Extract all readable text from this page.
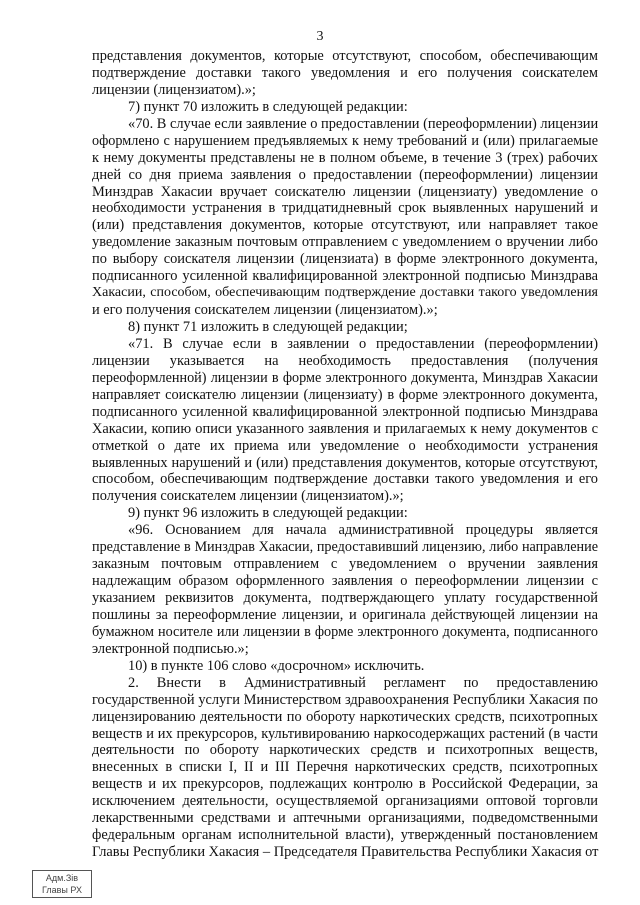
3
представления документов, которые отсутствуют, способом, обеспечивающим
подтверждение доставки такого уведомления и его получения соискателем
лицензии (лицензиатом).»;
7) пункт 70 изложить в следующей редакции:
«70. В случае если заявление о предоставлении (переоформлении) лицензии
оформлено с нарушением предъявляемых к нему требований и (или) прилагаемые
к нему документы представлены не в полном объеме, в течение 3 (трех) рабочих
дней со дня приема заявления о предоставлении (переоформлении) лицензии
Минздрав Хакасии вручает соискателю лицензии (лицензиату) уведомление о
необходимости устранения в тридцатидневный срок выявленных нарушений и
(или) представления документов, которые отсутствуют, или направляет такое
уведомление заказным почтовым отправлением с уведомлением о вручении либо
по выбору соискателя лицензии (лицензиата) в форме электронного документа,
подписанного усиленной квалифицированной электронной подписью Минздрава
Хакасии, способом, обеспечивающим подтверждение доставки такого уведомления
и его получения соискателем лицензии (лицензиатом).»;
8) пункт 71 изложить в следующей редакции;
«71. В случае если в заявлении о предоставлении (переоформлении)
лицензии указывается на необходимость предоставления (получения
переоформленной) лицензии в форме электронного документа, Минздрав Хакасии
направляет соискателю лицензии (лицензиату) в форме электронного документа,
подписанного усиленной квалифицированной электронной подписью Минздрава
Хакасии, копию описи указанного заявления и прилагаемых к нему документов с
отметкой о дате их приема или уведомление о необходимости устранения
выявленных нарушений и (или) представления документов, которые отсутствуют,
способом, обеспечивающим подтверждение доставки такого уведомления и его
получения соискателем лицензии (лицензиатом).»;
9) пункт 96 изложить в следующей редакции:
«96. Основанием для начала административной процедуры является
представление в Минздрав Хакасии, предоставивший лицензию, либо направление
заказным почтовым отправлением с уведомлением о вручении заявления
надлежащим образом оформленного заявления о переоформлении лицензии с
указанием реквизитов документа, подтверждающего уплату государственной
пошлины за переоформление лицензии, и оригинала действующей лицензии на
бумажном носителе или лицензии в форме электронного документа, подписанного
электронной подписью.»;
10) в пункте 106 слово «досрочном» исключить.
2. Внести в Административный регламент по предоставлению
государственной услуги Министерством здравоохранения Республики Хакасия по
лицензированию деятельности по обороту наркотических средств, психотропных
веществ и их прекурсоров, культивированию наркосодержащих растений (в части
деятельности по обороту наркотических средств и психотропных веществ,
внесенных в списки I, II и III Перечня наркотических средств, психотропных
веществ и их прекурсоров, подлежащих контролю в Российской Федерации, за
исключением деятельности, осуществляемой организациями оптовой торговли
лекарственными средствами и аптечными организациями, подведомственными
федеральным органам исполнительной власти), утвержденный постановлением
Главы Республики Хакасия – Председателя Правительства Республики Хакасия от
Адм.Зів
Главы РХ
